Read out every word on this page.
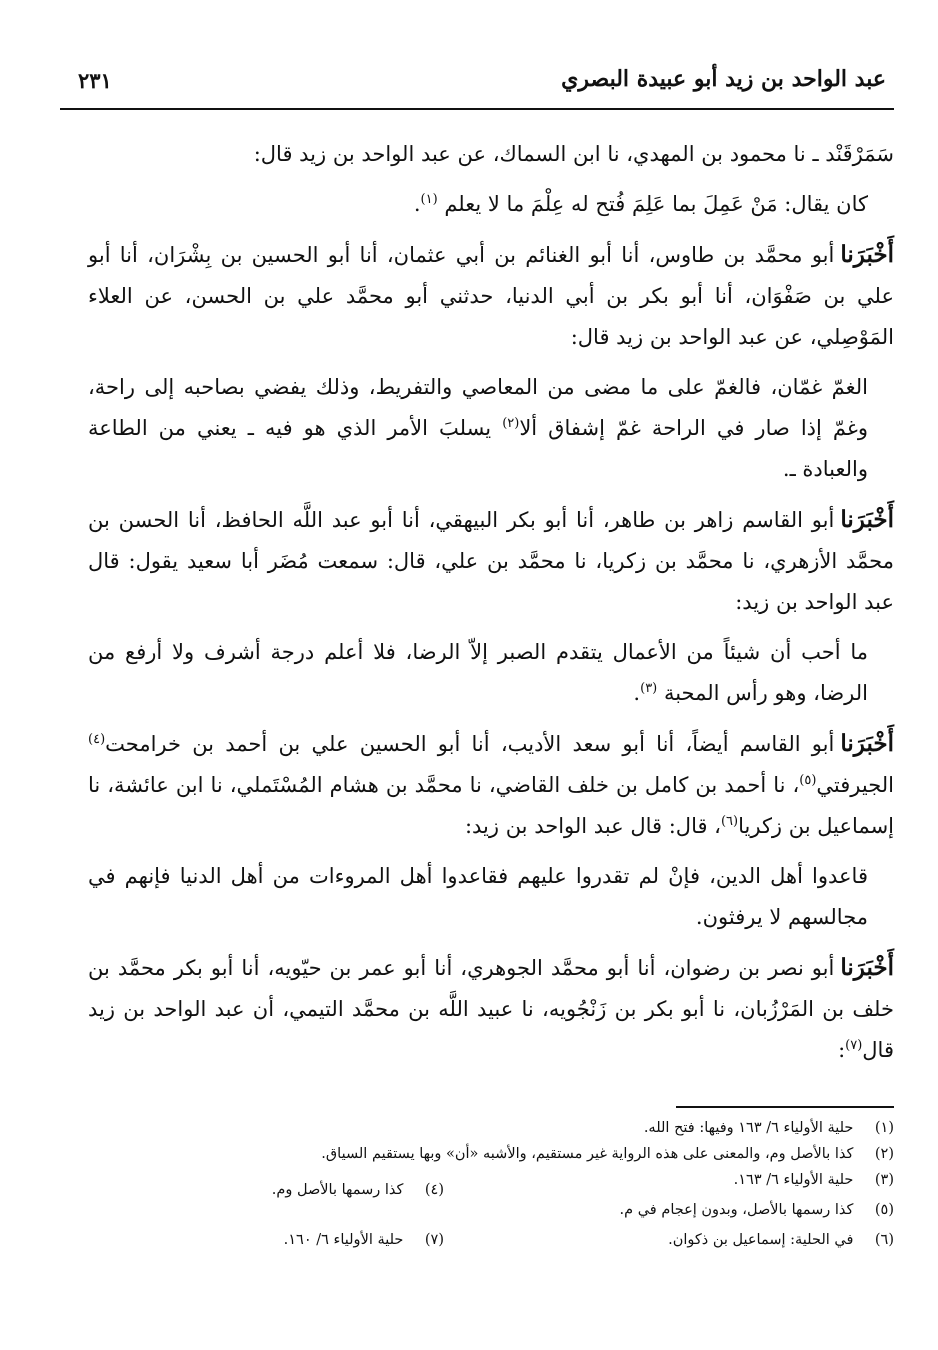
عبد الواحد بن زيد أبو عبيدة البصري
٢٣١

سَمَرْقَنْد ـ نا محمود بن المهدي، نا ابن السماك، عن عبد الواحد بن زيد قال:

كان يقال: مَنْ عَمِلَ بما عَلِمَ فُتح له عِلْمَ ما لا يعلم $^{(١)}$.

أَخْبَرَناأبو محمَّد بن طاوس، أنا أبو الغنائم بن أبي عثمان، أنا أبو الحسين بن بِشْرَان، أنا أبو علي بن صَفْوَان، أنا أبو بكر بن أبي الدنيا، حدثني أبو محمَّد علي بن الحسن، عن العلاء المَوْصِلي، عن عبد الواحد بن زيد قال:

الغمّ غمّان، فالغمّ على ما مضى من المعاصي والتفريط، وذلك يفضي بصاحبه إلى راحة، وغمّ إذا صار في الراحة غمّ إشفاق ألا$^{(٢)}$ يسلبَ الأمر الذي هو فيه ـ يعني من الطاعة والعبادة ـ.

أَخْبَرَناأبو القاسم زاهر بن طاهر، أنا أبو بكر البيهقي، أنا أبو عبد اللَّه الحافظ، أنا الحسن بن محمَّد الأزهري، نا محمَّد بن زكريا، نا محمَّد بن علي، قال: سمعت مُضَر أبا سعيد يقول: قال عبد الواحد بن زيد:

ما أحب أن شيئاً من الأعمال يتقدم الصبر إلاّ الرضا، فلا أعلم درجة أشرف ولا أرفع من الرضا، وهو رأس المحبة $^{(٣)}$.

أَخْبَرَناأبو القاسم أيضاً، أنا أبو سعد الأديب، أنا أبو الحسين علي بن أحمد بن خرامحت$^{(٤)}$ الجيرفتي$^{(٥)}$، نا أحمد بن كامل بن خلف القاضي، نا محمَّد بن هشام المُسْتَملي، نا ابن عائشة، نا إسماعيل بن زكريا$^{(٦)}$، قال: قال عبد الواحد بن زيد:

قاعدوا أهل الدين، فإنْ لم تقدروا عليهم فقاعدوا أهل المروءات من أهل الدنيا فإنهم في مجالسهم لا يرفثون.

أَخْبَرَناأبو نصر بن رضوان، أنا أبو محمَّد الجوهري، أنا أبو عمر بن حيّويه، أنا أبو بكر محمَّد بن خلف بن المَرْزُبان، نا أبو بكر بن زَنْجُويه، نا عبيد اللَّه بن محمَّد التيمي، أن عبد الواحد بن زيد قال$^{(٧)}$:

(١) حلية الأولياء ٦/ ١٦٣ وفيها: فتح الله.
(٢) كذا بالأصل وم، والمعنى على هذه الرواية غير مستقيم، والأشبه «أن» وبها يستقيم السياق.
(٣) حلية الأولياء ٦/ ١٦٣.
(٤) كذا رسمها بالأصل وم.
(٥) كذا رسمها بالأصل، وبدون إعجام في م.
(٦) في الحلية: إسماعيل بن ذكوان.
(٧) حلية الأولياء ٦/ ١٦٠.
